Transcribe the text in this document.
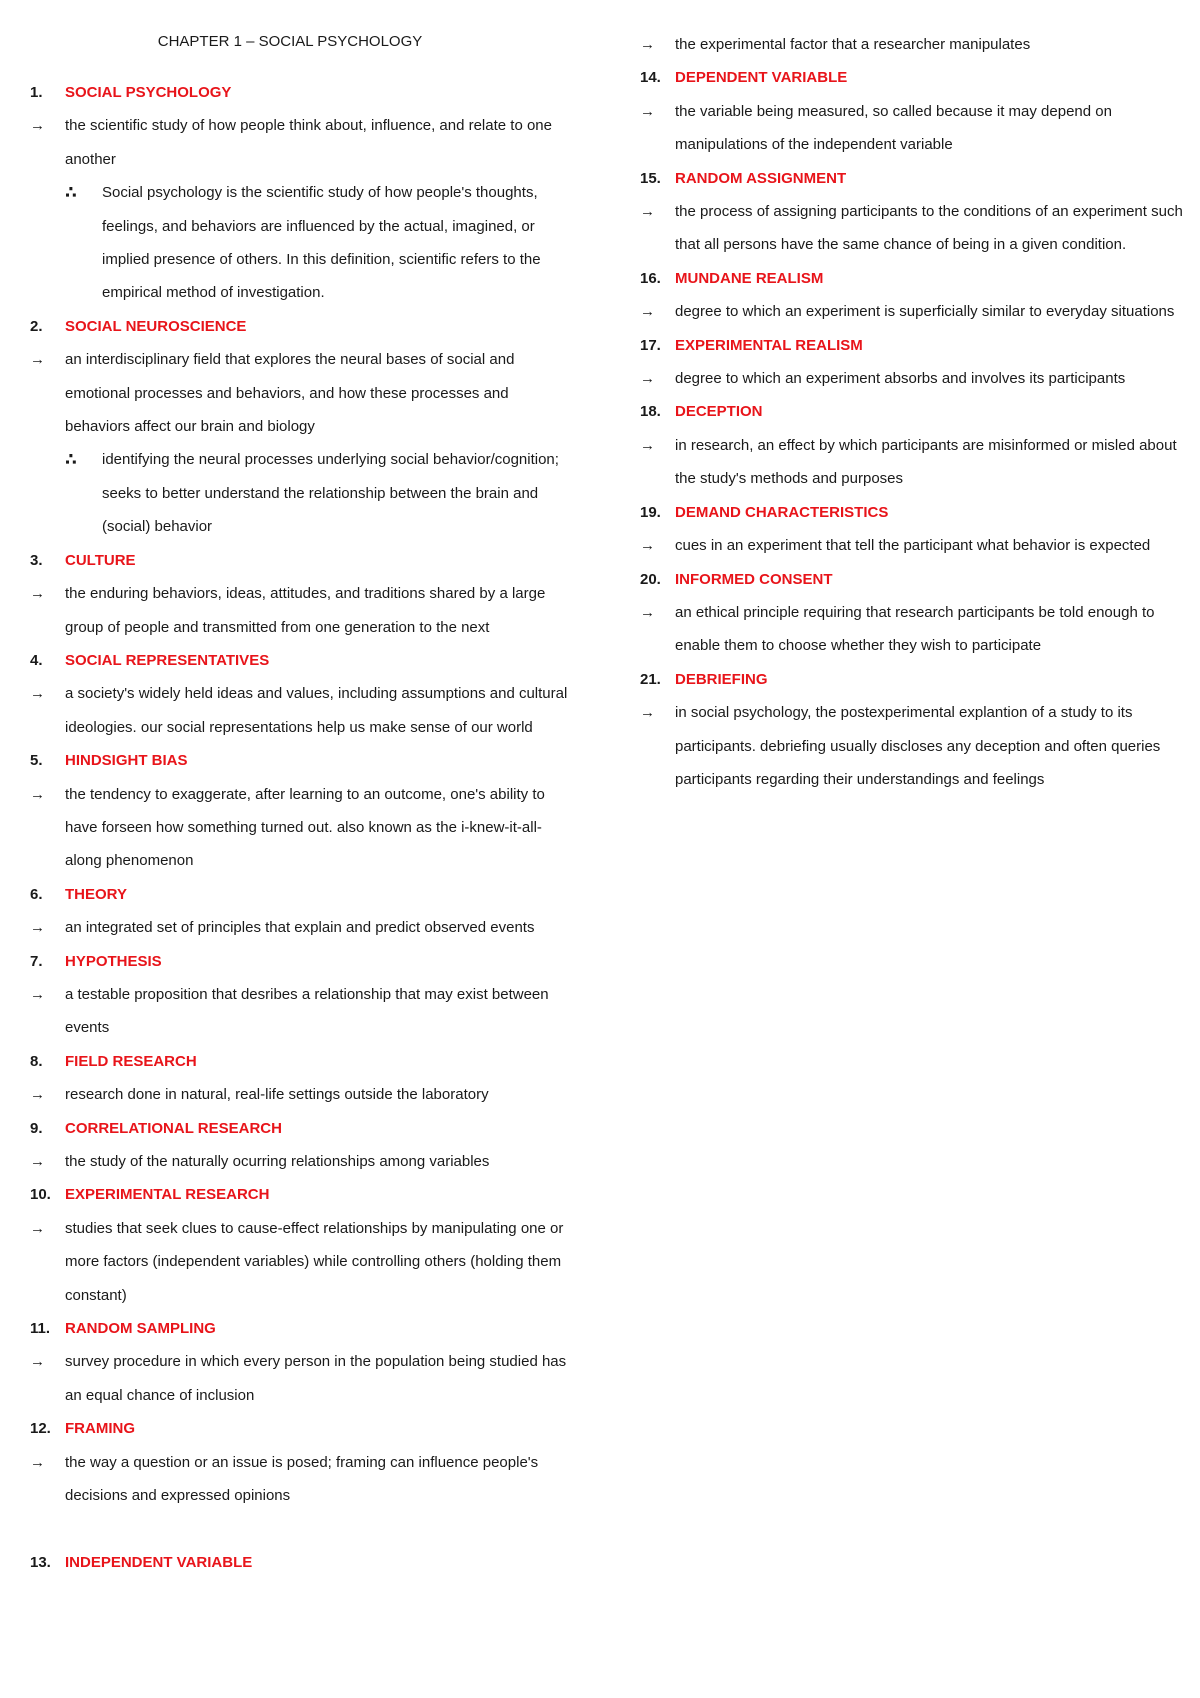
CHAPTER 1 – SOCIAL PSYCHOLOGY
1.	SOCIAL PSYCHOLOGY
→	the scientific study of how people think about, influence, and relate to one another
∴	Social psychology is the scientific study of how people's thoughts, feelings, and behaviors are influenced by the actual, imagined, or implied presence of others. In this definition, scientific refers to the empirical method of investigation.
2.	SOCIAL NEUROSCIENCE
→	an interdisciplinary field that explores the neural bases of social and emotional processes and behaviors, and how these processes and behaviors affect our brain and biology
∴	identifying the neural processes underlying social behavior/cognition; seeks to better understand the relationship between the brain and (social) behavior
3.	CULTURE
→	the enduring behaviors, ideas, attitudes, and traditions shared by a large group of people and transmitted from one generation to the next
4.	SOCIAL REPRESENTATIVES
→	a society's widely held ideas and values, including assumptions and cultural ideologies. our social representations help us make sense of our world
5.	HINDSIGHT BIAS
→	the tendency to exaggerate, after learning to an outcome, one's ability to have forseen how something turned out. also known as the i-knew-it-all-along phenomenon
6.	THEORY
→	an integrated set of principles that explain and predict observed events
7.	HYPOTHESIS
→	a testable proposition that desribes a relationship that may exist between events
8.	FIELD RESEARCH
→	research done in natural, real-life settings outside the laboratory
9.	CORRELATIONAL RESEARCH
→	the study of the naturally ocurring relationships among variables
10. EXPERIMENTAL RESEARCH
→	studies that seek clues to cause-effect relationships by manipulating one or more factors (independent variables) while controlling others (holding them constant)
11. RANDOM SAMPLING
→	survey procedure in which every person in the population being studied has an equal chance of inclusion
12. FRAMING
→	the way a question or an issue is posed; framing can influence people's decisions and expressed opinions
13. INDEPENDENT VARIABLE
→	the experimental factor that a researcher manipulates
14. DEPENDENT VARIABLE
→	the variable being measured, so called because it may depend on manipulations of the independent variable
15. RANDOM ASSIGNMENT
→	the process of assigning participants to the conditions of an experiment such that all persons have the same chance of being in a given condition.
16. MUNDANE REALISM
→	degree to which an experiment is superficially similar to everyday situations
17. EXPERIMENTAL REALISM
→	degree to which an experiment absorbs and involves its participants
18. DECEPTION
→	in research, an effect by which participants are misinformed or misled about the study's methods and purposes
19. DEMAND CHARACTERISTICS
→	cues in an experiment that tell the participant what behavior is expected
20. INFORMED CONSENT
→	an ethical principle requiring that research participants be told enough to enable them to choose whether they wish to participate
21. DEBRIEFING
→	in social psychology, the postexperimental explantion of a study to its participants. debriefing usually discloses any deception and often queries participants regarding their understandings and feelings
